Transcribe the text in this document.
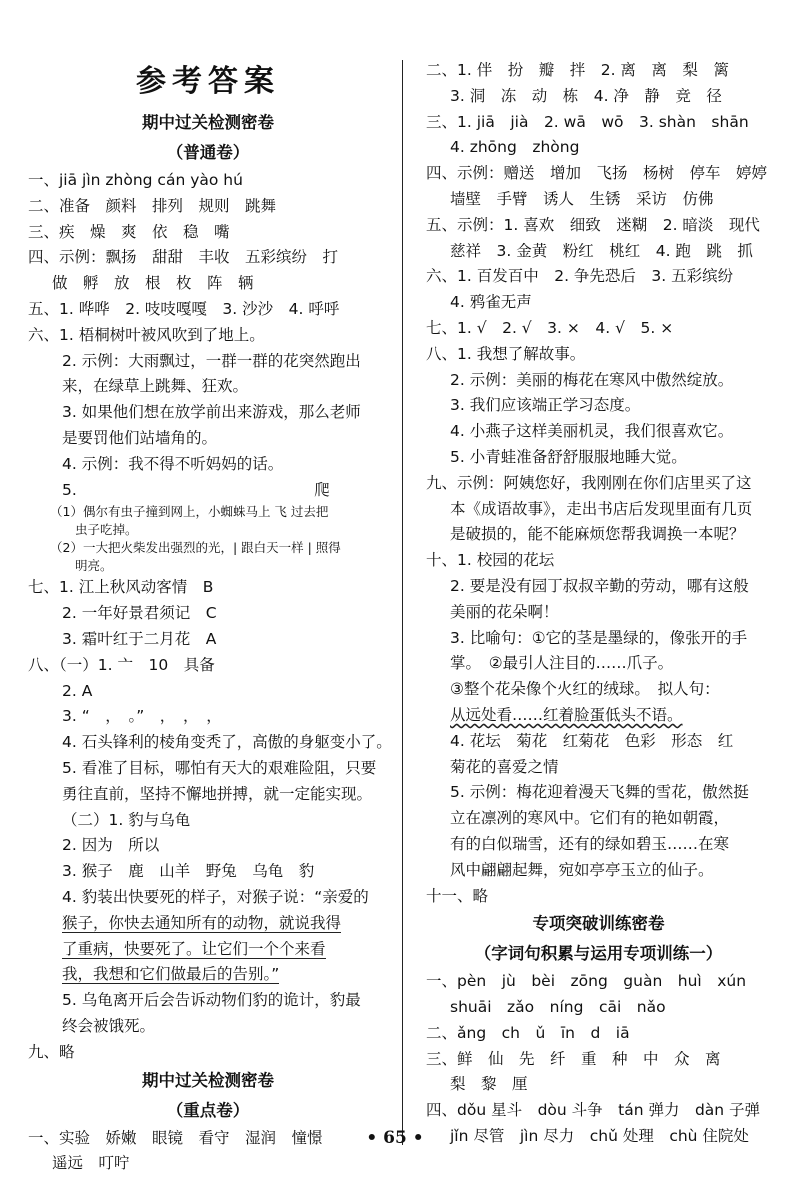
参考答案
期中过关检测密卷
（普通卷）
一、jiā jìn zhòng cán yào hú
二、准备　颜料　排列　规则　跳舞
三、疾　燥　爽　依　稳　嘴
四、示例：飘扬　甜甜　丰收　五彩缤纷　打
做　孵　放　根　枚　阵　辆
五、1. 哗哗　2. 吱吱嘎嘎　3. 沙沙　4. 呼呼
六、1. 梧桐树叶被风吹到了地上。
2. 示例：大雨飘过，一群一群的花突然跑出
来，在绿草上跳舞、狂欢。
3. 如果他们想在放学前出来游戏，那么老师
是要罚他们站墙角的。
4. 示例：我不得不听妈妈的话。
5. 　　　　　　　　　　　　　　　爬
（1）偶尔有虫子撞到网上，小蜘蛛马上 飞 过去把
　　虫子吃掉。
（2）一大把火柴发出强烈的光，| 跟白天一样 | 照得
　　明亮。
七、1. 江上秋风动客情　B
2. 一年好景君须记　C
3. 霜叶红于二月花　A
八、（一）1. 亠　10　具备
2. A
3. “　，　。”　，　，　，
4. 石头锋利的棱角变秃了，高傲的身躯变小了。
5. 看准了目标，哪怕有天大的艰难险阻，只要
勇往直前，坚持不懈地拼搏，就一定能实现。
（二）1. 豹与乌龟
2. 因为　所以
3. 猴子　鹿　山羊　野兔　乌龟　豹
4. 豹装出快要死的样子，对猴子说：“亲爱的
猴子，你快去通知所有的动物，就说我得
了重病，快要死了。让它们一个个来看
我，我想和它们做最后的告别。”
5. 乌龟离开后会告诉动物们豹的诡计，豹最
终会被饿死。
九、略
期中过关检测密卷
（重点卷）
一、实验　娇嫩　眼镜　看守　湿润　憧憬
遥远　叮咛
二、1. 伴　扮　瓣　拌　2. 离　离　梨　篱
3. 洞　冻　动　栋　4. 净　静　竞　径
三、1. jiā　jià　2. wā　wō　3. shàn　shān
4. zhōng　zhòng
四、示例：赠送　增加　飞扬　杨树　停车　婷婷
墙壁　手臂　诱人　生锈　采访　仿佛
五、示例：1. 喜欢　细致　迷糊　2. 暗淡　现代
慈祥　3. 金黄　粉红　桃红　4. 跑　跳　抓
六、1. 百发百中　2. 争先恐后　3. 五彩缤纷
4. 鸦雀无声
七、1. √　2. √　3. ×　4. √　5. ×
八、1. 我想了解故事。
2. 示例：美丽的梅花在寒风中傲然绽放。
3. 我们应该端正学习态度。
4. 小燕子这样美丽机灵，我们很喜欢它。
5. 小青蛙准备舒舒服服地睡大觉。
九、示例：阿姨您好，我刚刚在你们店里买了这
本《成语故事》，走出书店后发现里面有几页
是破损的，能不能麻烦您帮我调换一本呢？
十、1. 校园的花坛
2. 要是没有园丁叔叔辛勤的劳动，哪有这般
美丽的花朵啊！
3. 比喻句：①它的茎是墨绿的，像张开的手
掌。　②最引人注目的……爪子。
③整个花朵像个火红的绒球。　拟人句：
从远处看……红着脸蛋低头不语。
4. 花坛　菊花　红菊花　色彩　形态　红
菊花的喜爱之情
5. 示例：梅花迎着漫天飞舞的雪花，傲然挺
立在凛冽的寒风中。它们有的艳如朝霞，
有的白似瑞雪，还有的绿如碧玉……在寒
风中翩翩起舞，宛如亭亭玉立的仙子。
十一、略
专项突破训练密卷
（字词句积累与运用专项训练一）
一、pèn　jù　bèi　zōng　guàn　huì　xún
shuāi　zǎo　níng　cāi　nǎo
二、ǎng　ch　ǔ　īn　d　iā
三、鲜　仙　先　纤　重　种　中　众　离
梨　黎　厘
四、dǒu 星斗　dòu 斗争　tán 弹力　dàn 子弹
jǐn 尽管　jìn 尽力　chǔ 处理　chù 住院处
• 65 •
